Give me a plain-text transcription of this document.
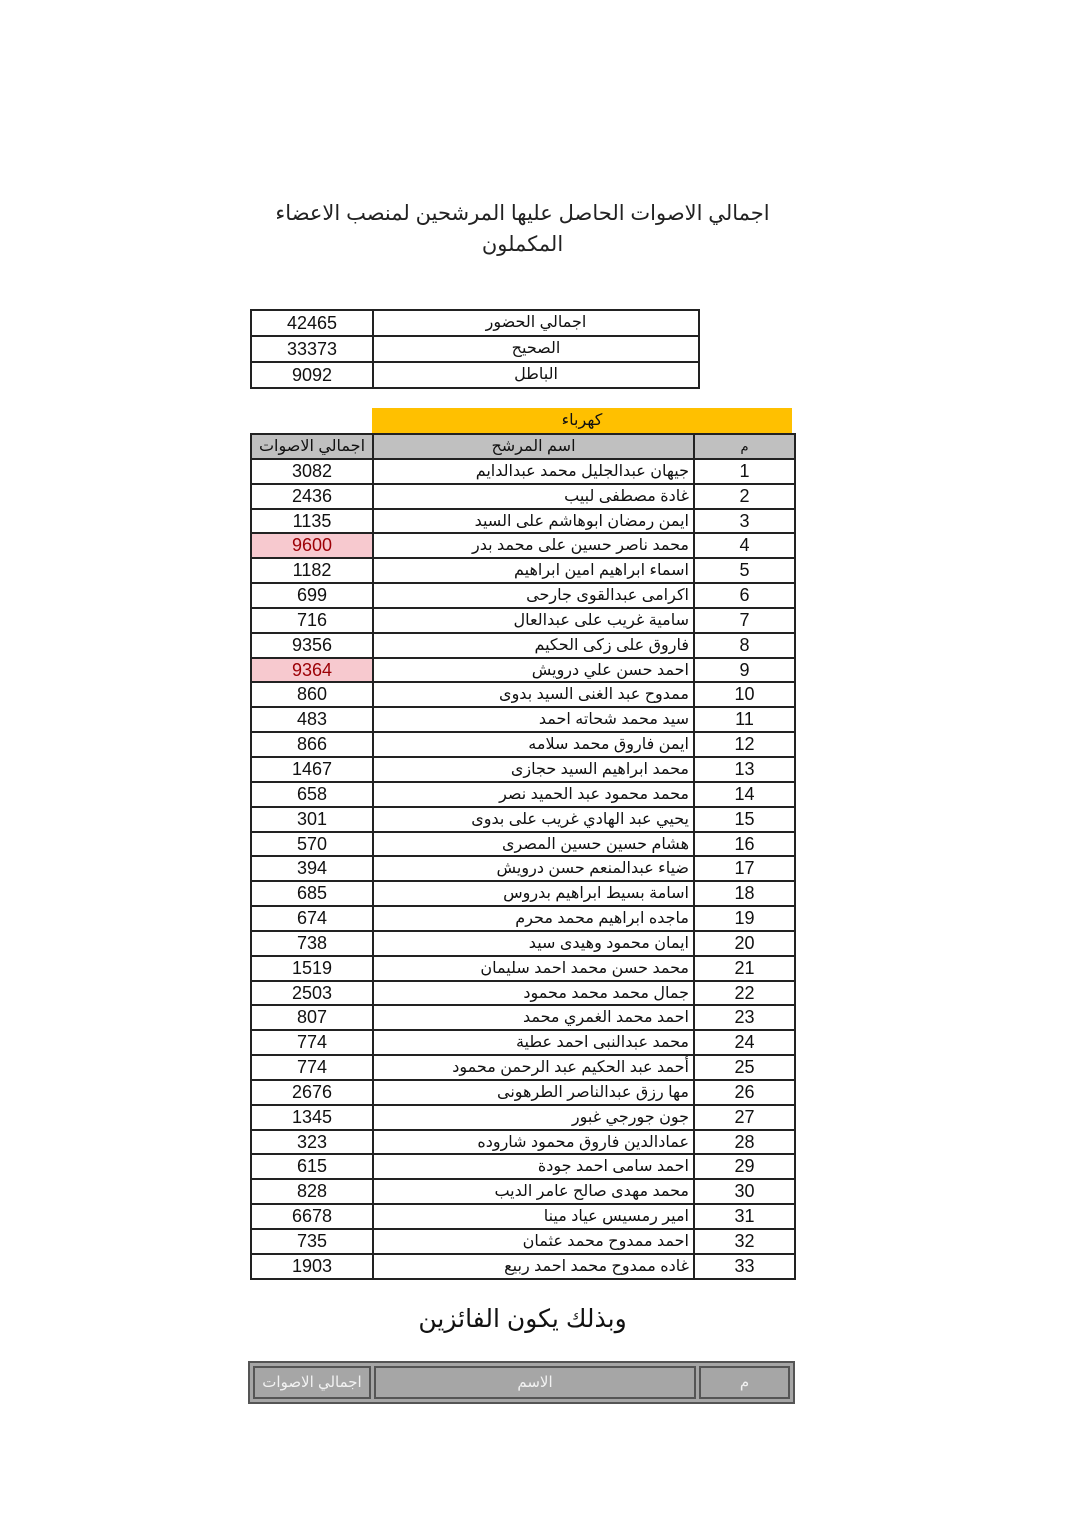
اجمالي الاصوات الحاصل عليها المرشحين لمنصب الاعضاء
المكملون
42465	اجمالي الحضور
33373	الصحيح
9092	الباطل
كهرباء
اجمالي الاصوات	اسم المرشح	م
3082	جيهان عبدالجليل محمد عبدالدايم	1
2436	غادة مصطفى لبيب	2
1135	ايمن رمضان ابوهاشم على السيد	3
9600	محمد ناصر حسين على محمد بدر	4
1182	اسماء ابراهيم امين ابراهيم	5
699	اكرامى عبدالقوى جارحى	6
716	سامية غريب على عبدالعال	7
9356	فاروق على زكى الحكيم	8
9364	احمد حسن علي درويش	9
860	ممدوح عبد الغنى السيد بدوى	10
483	سيد محمد شحاته احمد	11
866	ايمن فاروق محمد سلامه	12
1467	محمد ابراهيم السيد حجازى	13
658	محمد محمود عبد الحميد نصر	14
301	يحيي عبد الهادي غريب على بدوى	15
570	هشام حسين حسين المصرى	16
394	ضياء عبدالمنعم حسن درويش	17
685	اسامة بسيط ابراهيم بدروس	18
674	ماجده ابراهيم محمد محرم	19
738	ايمان محمود وهيدى سيد	20
1519	محمد حسن محمد احمد سليمان	21
2503	جمال محمد محمد محمود	22
807	احمد محمد الغمري محمد	23
774	محمد عبدالنبى احمد عطية	24
774	أحمد عبد الحكيم عبد الرحمن محمود	25
2676	مها رزق عبدالناصر الطرهونى	26
1345	جون جورجي غبور	27
323	عمادالدين فاروق محمود شاروده	28
615	احمد سامى احمد جودة	29
828	محمد مهدى صالح عامر الديب	30
6678	امير رمسيس عياد مينا	31
735	احمد ممدوح محمد عثمان	32
1903	غاده ممدوح محمد احمد ربيع	33
وبذلك يكون الفائزين
اجمالي الاصوات	الاسم	م
